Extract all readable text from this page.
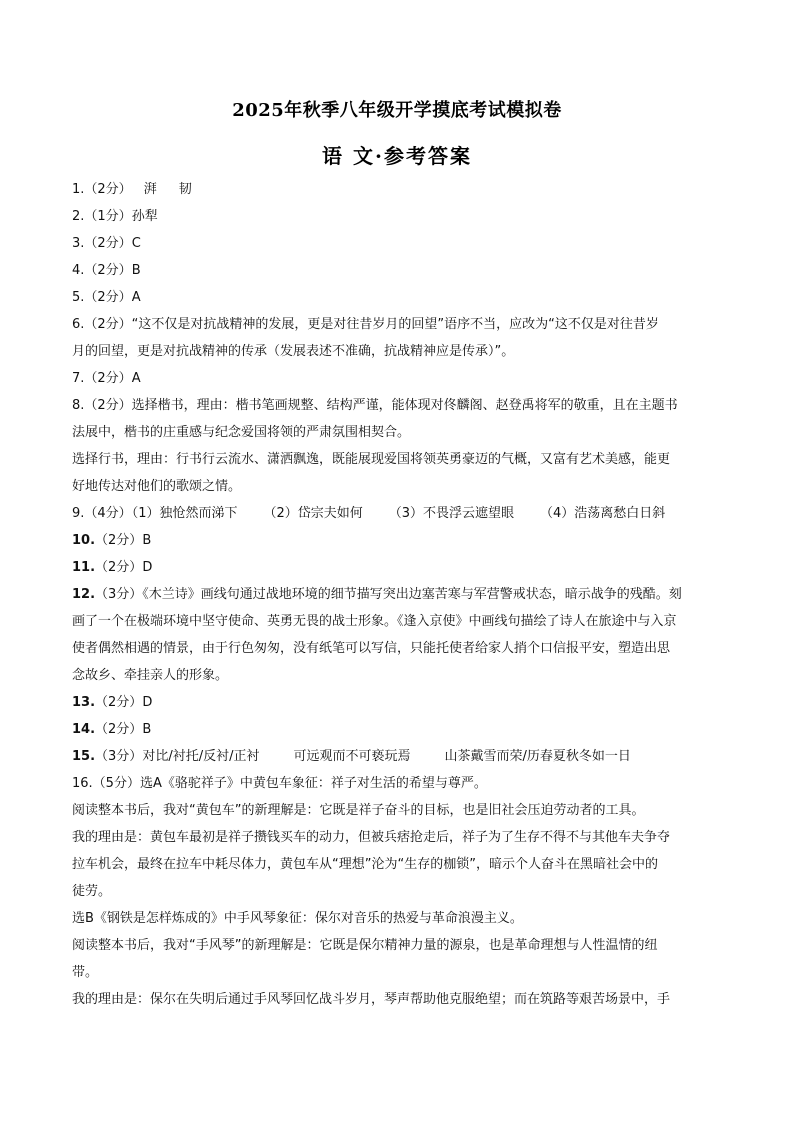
2025年秋季八年级开学摸底考试模拟卷
语 文·参考答案
1.（2分） 湃 韧
2.（1分）孙犁
3.（2分）C
4.（2分）B
5.（2分）A
6.（2分）“这不仅是对抗战精神的发展，更是对往昔岁月的回望”语序不当，应改为“这不仅是对往昔岁
月的回望，更是对抗战精神的传承（发展表述不准确，抗战精神应是传承）”。
7.（2分）A
8.（2分）选择楷书，理由：楷书笔画规整、结构严谨，能体现对佟麟阁、赵登禹将军的敬重，且在主题书
法展中，楷书的庄重感与纪念爱国将领的严肃氛围相契合。
选择行书，理由：行书行云流水、潇洒飘逸，既能展现爱国将领英勇豪迈的气概，又富有艺术美感，能更
好地传达对他们的歌颂之情。
9.（4分）（1）独怆然而涕下 （2）岱宗夫如何 （3）不畏浮云遮望眼 （4）浩荡离愁白日斜
10.（2分）B
11.（2分）D
12.（3分）《木兰诗》画线句通过战地环境的细节描写突出边塞苦寒与军营警戒状态，暗示战争的残酷。刻
画了一个在极端环境中坚守使命、英勇无畏的战士形象。《逢入京使》中画线句描绘了诗人在旅途中与入京
使者偶然相遇的情景，由于行色匆匆，没有纸笔可以写信，只能托使者给家人捎个口信报平安，塑造出思
念故乡、牵挂亲人的形象。
13.（2分）D
14.（2分）B
15.（3分）对比/衬托/反衬/正衬	可远观而不可亵玩焉	山茶戴雪而荣/历春夏秋冬如一日
16.（5分）选A《骆驼祥子》中黄包车象征：祥子对生活的希望与尊严。
阅读整本书后，我对“黄包车”的新理解是：它既是祥子奋斗的目标，也是旧社会压迫劳动者的工具。
我的理由是：黄包车最初是祥子攒钱买车的动力，但被兵痞抢走后，祥子为了生存不得不与其他车夫争夺
拉车机会，最终在拉车中耗尽体力，黄包车从“理想”沦为“生存的枷锁”，暗示个人奋斗在黑暗社会中的
徒劳。
选B《钢铁是怎样炼成的》中手风琴象征：保尔对音乐的热爱与革命浪漫主义。
阅读整本书后，我对“手风琴”的新理解是：它既是保尔精神力量的源泉，也是革命理想与人性温情的纽
带。
我的理由是：保尔在失明后通过手风琴回忆战斗岁月，琴声帮助他克服绝望；而在筑路等艰苦场景中，手
